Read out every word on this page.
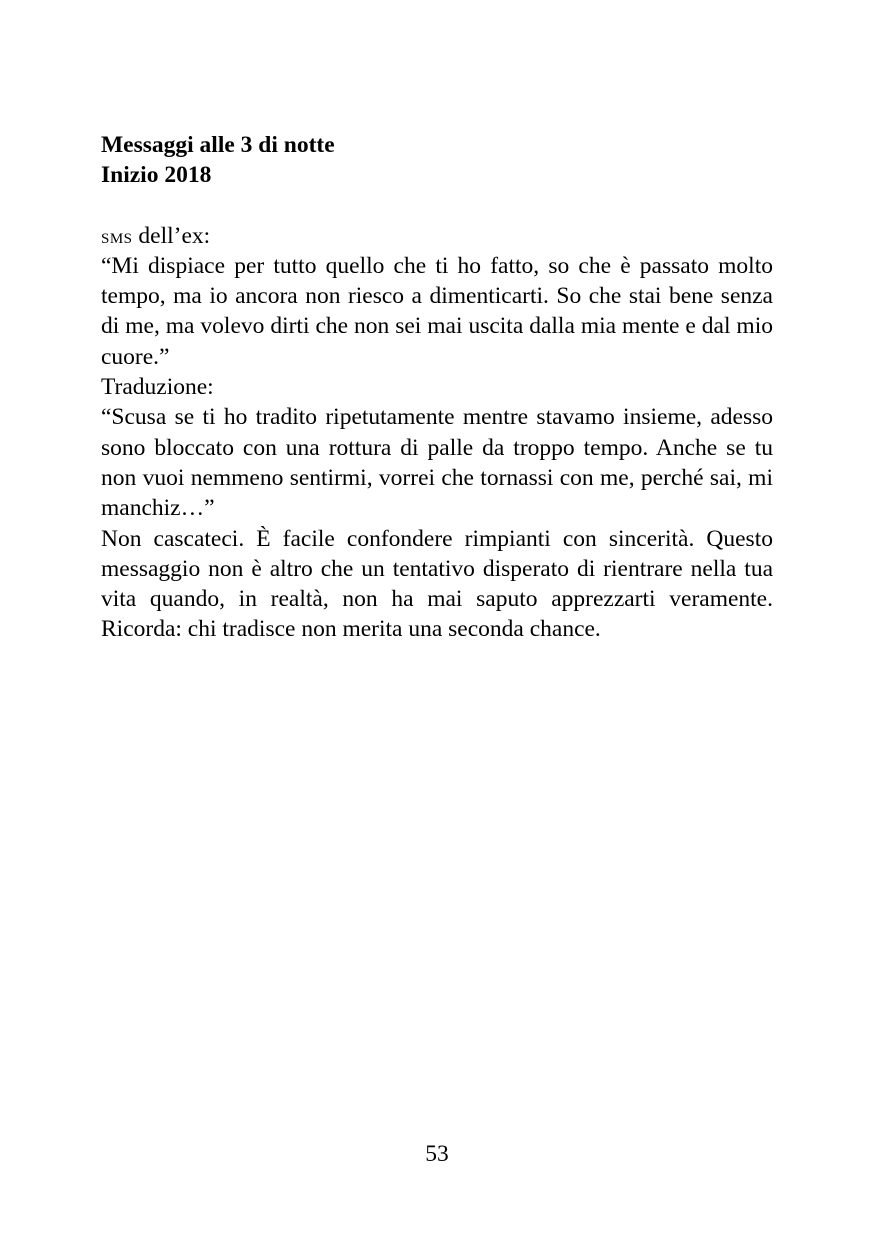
Messaggi alle 3 di notte

Inizio 2018

sms dell’ex:

“Mi dispiace per tutto quello che ti ho fatto, so che è passato molto tempo, ma io ancora non riesco a dimenticarti. So che stai bene senza di me, ma volevo dirti che non sei mai uscita dalla mia mente e dal mio cuore.”

Traduzione:

“Scusa se ti ho tradito ripetutamente mentre stavamo insieme, adesso sono bloccato con una rottura di palle da troppo tempo. Anche se tu non vuoi nemmeno sentirmi, vorrei che tornassi con me, perché sai, mi manchiz…”

Non cascateci. È facile confondere rimpianti con sincerità. Questo messaggio non è altro che un tentativo disperato di rientrare nella tua vita quando, in realtà, non ha mai saputo apprezzarti veramente. Ricorda: chi tradisce non merita una seconda chance.

53
